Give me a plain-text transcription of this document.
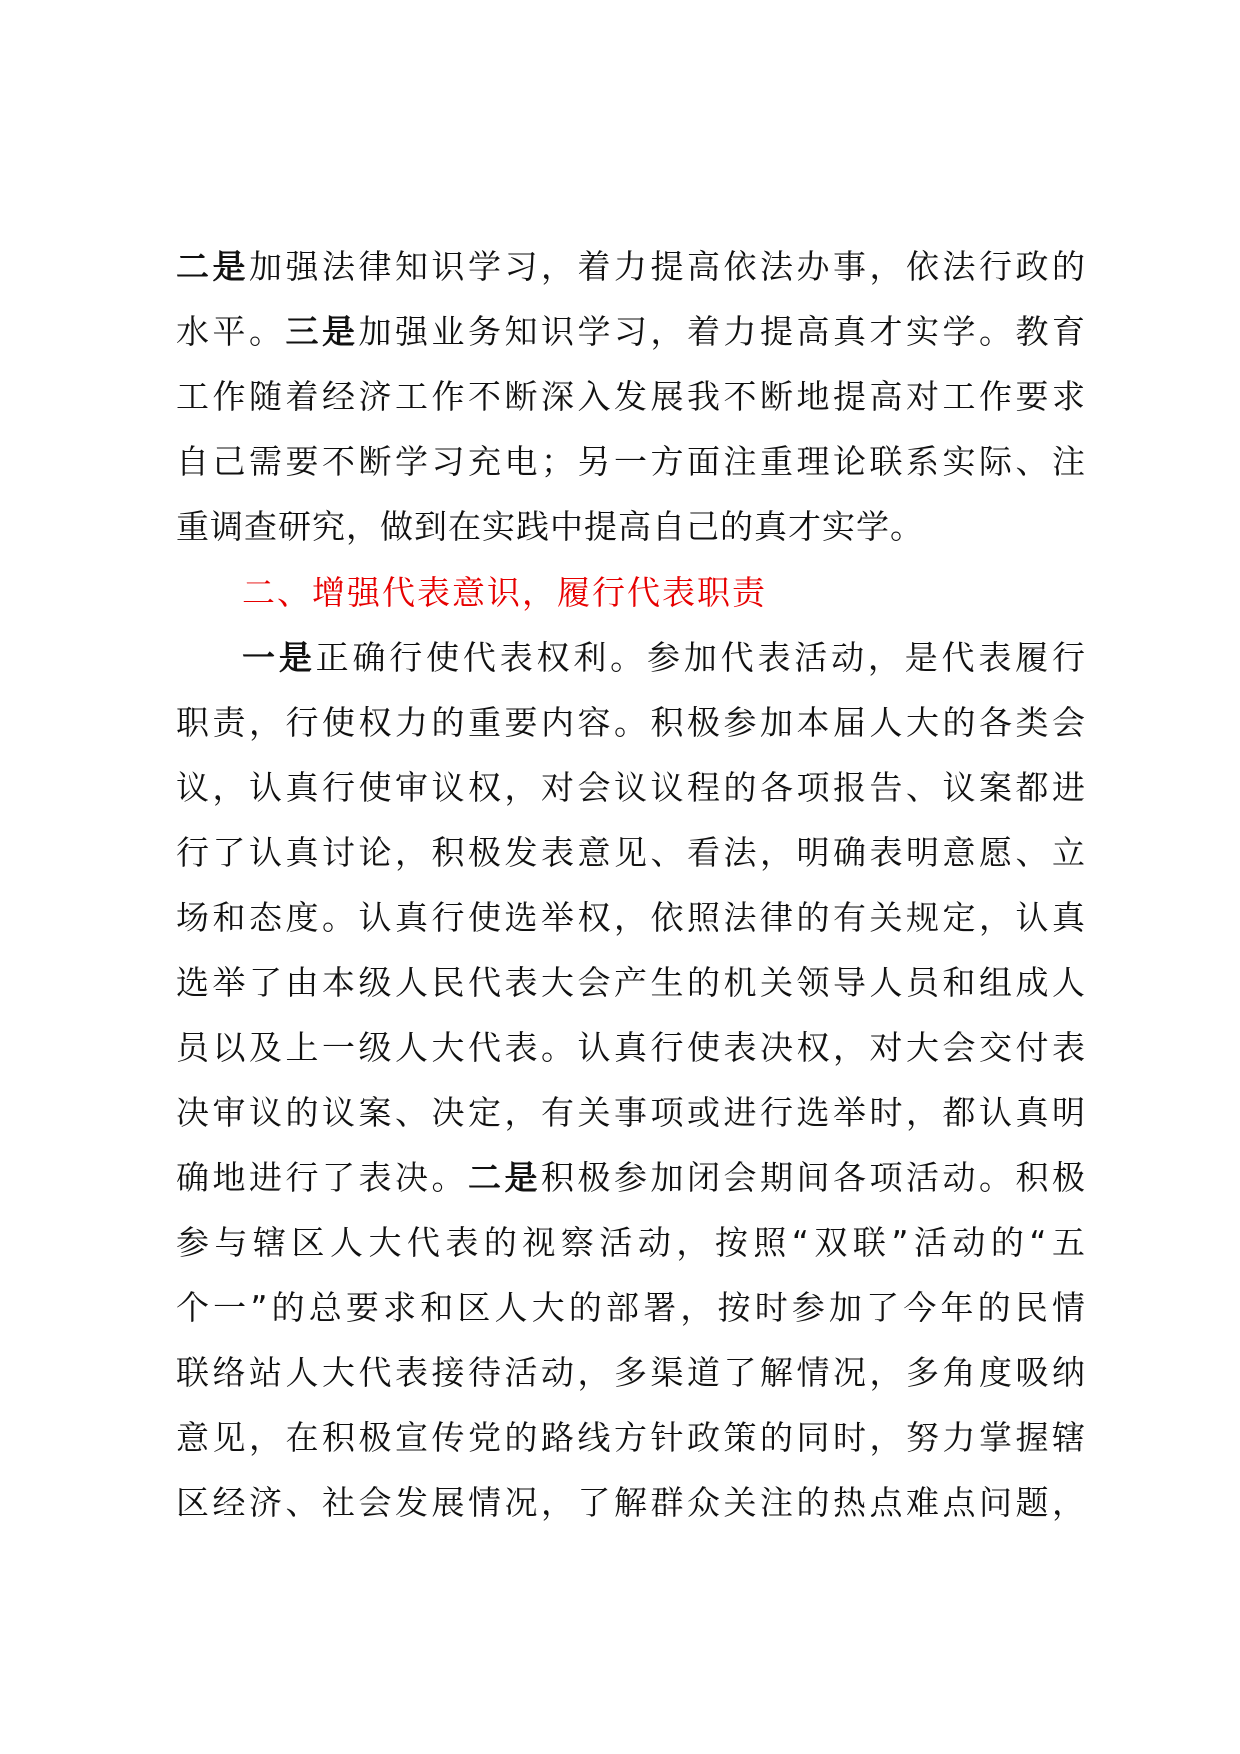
二是加强法律知识学习，着力提高依法办事，依法行政的
水平。三是加强业务知识学习，着力提高真才实学。教育
工作随着经济工作不断深入发展我不断地提高对工作要求
自己需要不断学习充电；另一方面注重理论联系实际、注
重调查研究，做到在实践中提高自己的真才实学。
二、增强代表意识，履行代表职责
一是正确行使代表权利。参加代表活动，是代表履行
职责，行使权力的重要内容。积极参加本届人大的各类会
议，认真行使审议权，对会议议程的各项报告、议案都进
行了认真讨论，积极发表意见、看法，明确表明意愿、立
场和态度。认真行使选举权，依照法律的有关规定，认真
选举了由本级人民代表大会产生的机关领导人员和组成人
员以及上一级人大代表。认真行使表决权，对大会交付表
决审议的议案、决定，有关事项或进行选举时，都认真明
确地进行了表决。二是积极参加闭会期间各项活动。积极
参与辖区人大代表的视察活动，按照“双联”活动的“五
个一”的总要求和区人大的部署，按时参加了今年的民情
联络站人大代表接待活动，多渠道了解情况，多角度吸纳
意见，在积极宣传党的路线方针政策的同时，努力掌握辖
区经济、社会发展情况，了解群众关注的热点难点问题，
